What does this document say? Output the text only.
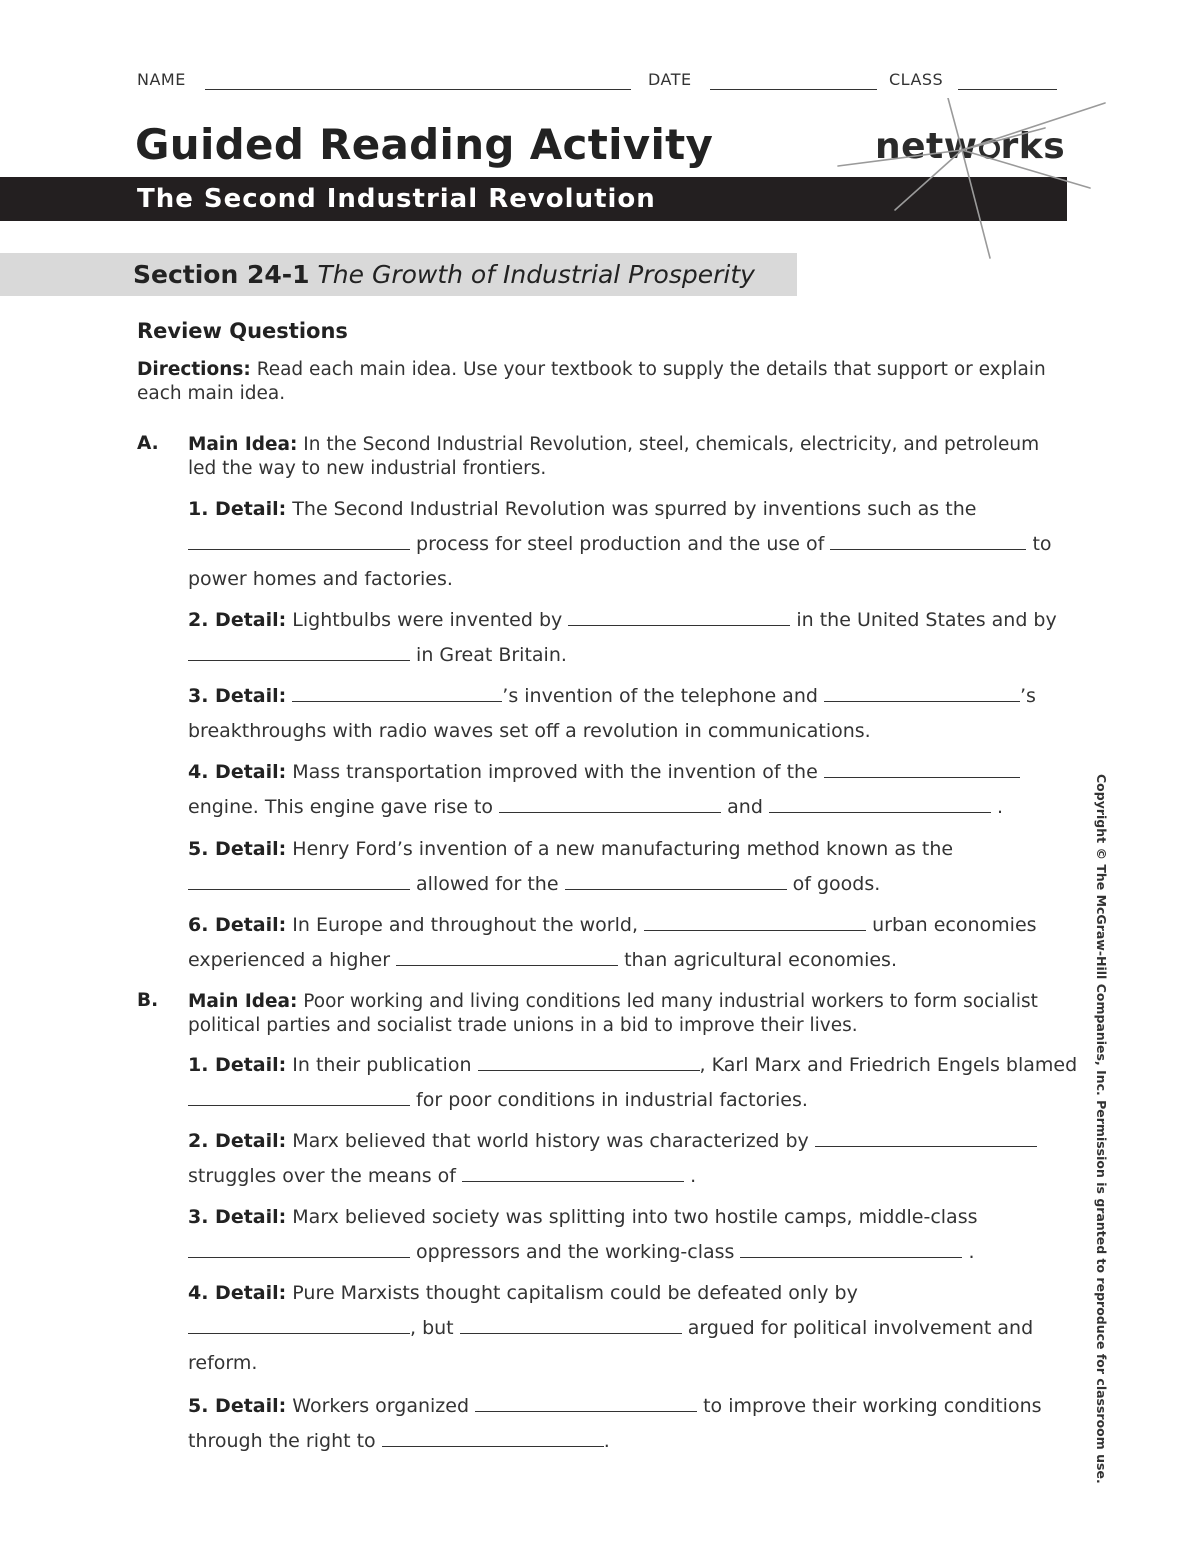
NAME	DATE	CLASS
Guided Reading Activity	netw rks
The Second Industrial Revolution
Section 24-1 The Growth of Industrial Prosperity
Review Questions
Directions: Read each main idea. Use your textbook to supply the details that support or explain each main idea.
A. Main Idea: In the Second Industrial Revolution, steel, chemicals, electricity, and petroleum led the way to new industrial frontiers.
1. Detail: The Second Industrial Revolution was spurred by inventions such as the  process for steel production and the use of	to power homes and factories.
2. Detail: Lightbulbs were invented by	in the United States and by  in Great Britain.
3. Detail:	’s invention of the telephone and	’s breakthroughs with radio waves set off a revolution in communications.
4. Detail: Mass transportation improved with the invention of the  engine. This engine gave rise to	and	.
5. Detail: Henry Ford’s invention of a new manufacturing method known as the  allowed for the	of goods.
6. Detail: In Europe and throughout the world,	urban economies experienced a higher	than agricultural economies.
B. Main Idea: Poor working and living conditions led many industrial workers to form socialist political parties and socialist trade unions in a bid to improve their lives.
1. Detail: In their publication	, Karl Marx and Friedrich Engels blamed  for poor conditions in industrial factories.
2. Detail: Marx believed that world history was characterized by  struggles over the means of	.
3. Detail: Marx believed society was splitting into two hostile camps, middle-class  oppressors and the working-class	.
4. Detail: Pure Marxists thought capitalism could be defeated only by , but	argued for political involvement and reform.
5. Detail: Workers organized	to improve their working conditions through the right to	.	Copyright © The McGraw-Hill Companies, Inc. Permission is granted to reproduce for classroom use.
